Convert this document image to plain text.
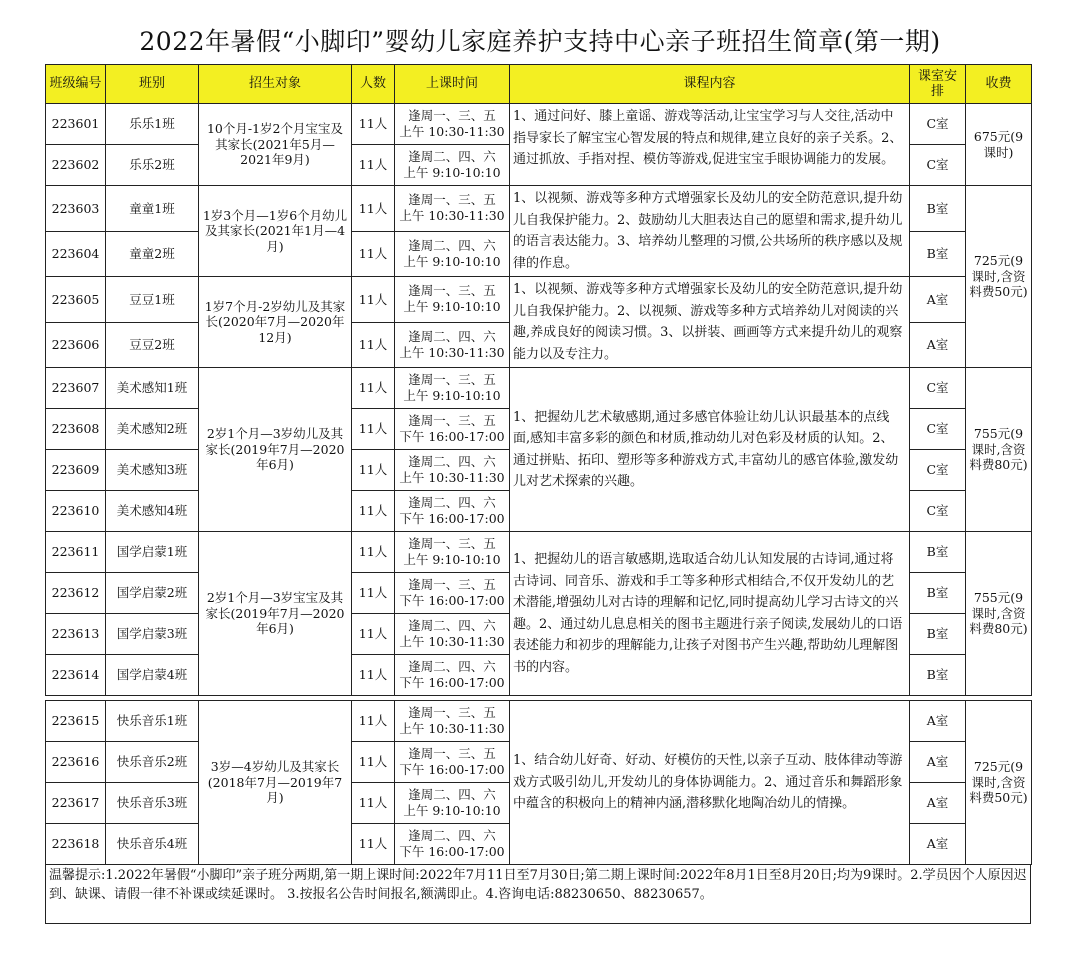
2022年暑假“小脚印”婴幼儿家庭养护支持中心亲子班招生简章(第一期)
班级编号	班别	招生对象	人数	上课时间	课程内容	课室安排	收费
223601	乐乐1班	10个月-1岁2个月宝宝及其家长(2021年5月—2021年9月)	11人	逢周一、三、五
上午 10:30-11:30	1、通过问好、膝上童谣、游戏等活动,让宝宝学习与人交往,活动中指导家长了解宝宝心智发展的特点和规律,建立良好的亲子关系。2、通过抓放、手指对捏、模仿等游戏,促进宝宝手眼协调能力的发展。	C室	675元(9课时)
223602	乐乐2班		11人	逢周二、四、六
上午 9:10-10:10		C室	
223603	童童1班	1岁3个月—1岁6个月幼儿及其家长(2021年1月—4月)	11人	逢周一、三、五
上午 10:30-11:30	1、以视频、游戏等多种方式增强家长及幼儿的安全防范意识,提升幼儿自我保护能力。2、鼓励幼儿大胆表达自己的愿望和需求,提升幼儿的语言表达能力。3、培养幼儿整理的习惯,公共场所的秩序感以及规律的作息。	B室	725元(9课时,含资料费50元)
223604	童童2班		11人	逢周二、四、六
上午 9:10-10:10		B室	
223605	豆豆1班	1岁7个月-2岁幼儿及其家长(2020年7月—2020年12月)	11人	逢周一、三、五
上午 9:10-10:10	1、以视频、游戏等多种方式增强家长及幼儿的安全防范意识,提升幼儿自我保护能力。2、以视频、游戏等多种方式培养幼儿对阅读的兴趣,养成良好的阅读习惯。3、以拼装、画画等方式来提升幼儿的观察能力以及专注力。	A室	
223606	豆豆2班		11人	逢周二、四、六
上午 10:30-11:30		A室	
223607	美术感知1班	2岁1个月—3岁幼儿及其家长(2019年7月—2020年6月)	11人	逢周一、三、五
上午 9:10-10:10	1、把握幼儿艺术敏感期,通过多感官体验让幼儿认识最基本的点线面,感知丰富多彩的颜色和材质,推动幼儿对色彩及材质的认知。2、通过拼贴、拓印、塑形等多种游戏方式,丰富幼儿的感官体验,激发幼儿对艺术探索的兴趣。	C室	755元(9课时,含资料费80元)
223608	美术感知2班		11人	逢周一、三、五
下午 16:00-17:00		C室	
223609	美术感知3班		11人	逢周二、四、六
上午 10:30-11:30		C室	
223610	美术感知4班		11人	逢周二、四、六
下午 16:00-17:00		C室	
223611	国学启蒙1班	2岁1个月—3岁宝宝及其家长(2019年7月—2020年6月)	11人	逢周一、三、五
上午 9:10-10:10	1、把握幼儿的语言敏感期,选取适合幼儿认知发展的古诗词,通过将古诗词、同音乐、游戏和手工等多种形式相结合,不仅开发幼儿的艺术潜能,增强幼儿对古诗的理解和记忆,同时提高幼儿学习古诗文的兴趣。2、通过幼儿息息相关的图书主题进行亲子阅读,发展幼儿的口语表述能力和初步的理解能力,让孩子对图书产生兴趣,帮助幼儿理解图书的内容。	B室	755元(9课时,含资料费80元)
223612	国学启蒙2班		11人	逢周一、三、五
下午 16:00-17:00		B室	
223613	国学启蒙3班		11人	逢周二、四、六
上午 10:30-11:30		B室	
223614	国学启蒙4班		11人	逢周二、四、六
下午 16:00-17:00		B室	

223615	快乐音乐1班	3岁—4岁幼儿及其家长(2018年7月—2019年7月)	11人	逢周一、三、五
上午 10:30-11:30	1、结合幼儿好奇、好动、好模仿的天性,以亲子互动、肢体律动等游戏方式吸引幼儿,开发幼儿的身体协调能力。2、通过音乐和舞蹈形象中蕴含的积极向上的精神内涵,潜移默化地陶冶幼儿的情操。	A室	725元(9课时,含资料费50元)
223616	快乐音乐2班		11人	逢周一、三、五
下午 16:00-17:00		A室	
223617	快乐音乐3班		11人	逢周二、四、六
上午 9:10-10:10		A室	
223618	快乐音乐4班		11人	逢周二、四、六
下午 16:00-17:00		A室	
温馨提示:1.2022年暑假“小脚印”亲子班分两期,第一期上课时间:2022年7月11日至7月30日;第二期上课时间:2022年8月1日至8月20日;均为9课时。2.学员因个人原因迟到、缺课、请假一律不补课或续延课时。 3.按报名公告时间报名,额满即止。4.咨询电话:88230650、88230657。
